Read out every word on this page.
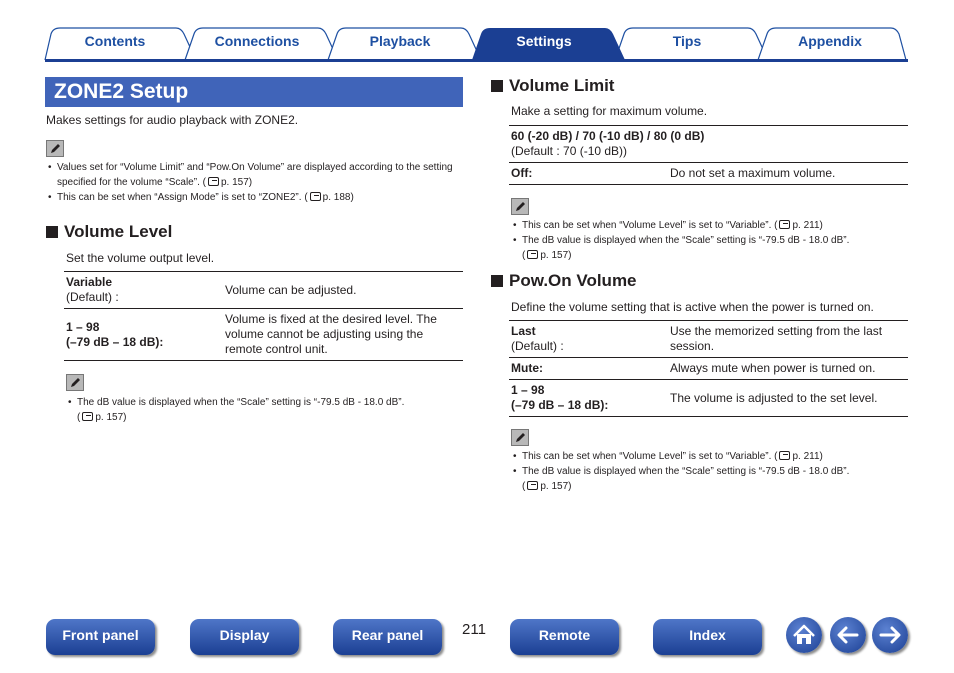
Contents	Connections	Playback	Settings	Tips	Appendix
ZONE2 Setup
Makes settings for audio playback with ZONE2.
• Values set for “Volume Limit” and “Pow.On Volume” are displayed according to the setting specified for the volume “Scale”. ( p. 157)
• This can be set when “Assign Mode” is set to “ZONE2”. ( p. 188)
Volume Level
Set the volume output level.
Variable
(Default) :	Volume can be adjusted.

1 – 98
(–79 dB – 18 dB):	Volume is fixed at the desired level. The volume cannot be adjusting using the remote control unit.
• The dB value is displayed when the “Scale” setting is “-79.5 dB - 18.0 dB”.
( p. 157)
Volume Limit
Make a setting for maximum volume.
60 (-20 dB) / 70 (-10 dB) / 80 (0 dB)
(Default : 70 (-10 dB))

Off:	Do not set a maximum volume.
• This can be set when “Volume Level” is set to “Variable”. ( p. 211)
• The dB value is displayed when the “Scale” setting is “-79.5 dB - 18.0 dB”.
( p. 157)
Pow.On Volume
Define the volume setting that is active when the power is turned on.
Last
(Default) :	Use the memorized setting from the last session.
Mute:	Always mute when power is turned on.

1 – 98
(–79 dB – 18 dB):	The volume is adjusted to the set level.
• This can be set when “Volume Level” is set to “Variable”. ( p. 211)
• The dB value is displayed when the “Scale” setting is “-79.5 dB - 18.0 dB”.
( p. 157)
Front panel	Display	Rear panel	211	Remote	Index
